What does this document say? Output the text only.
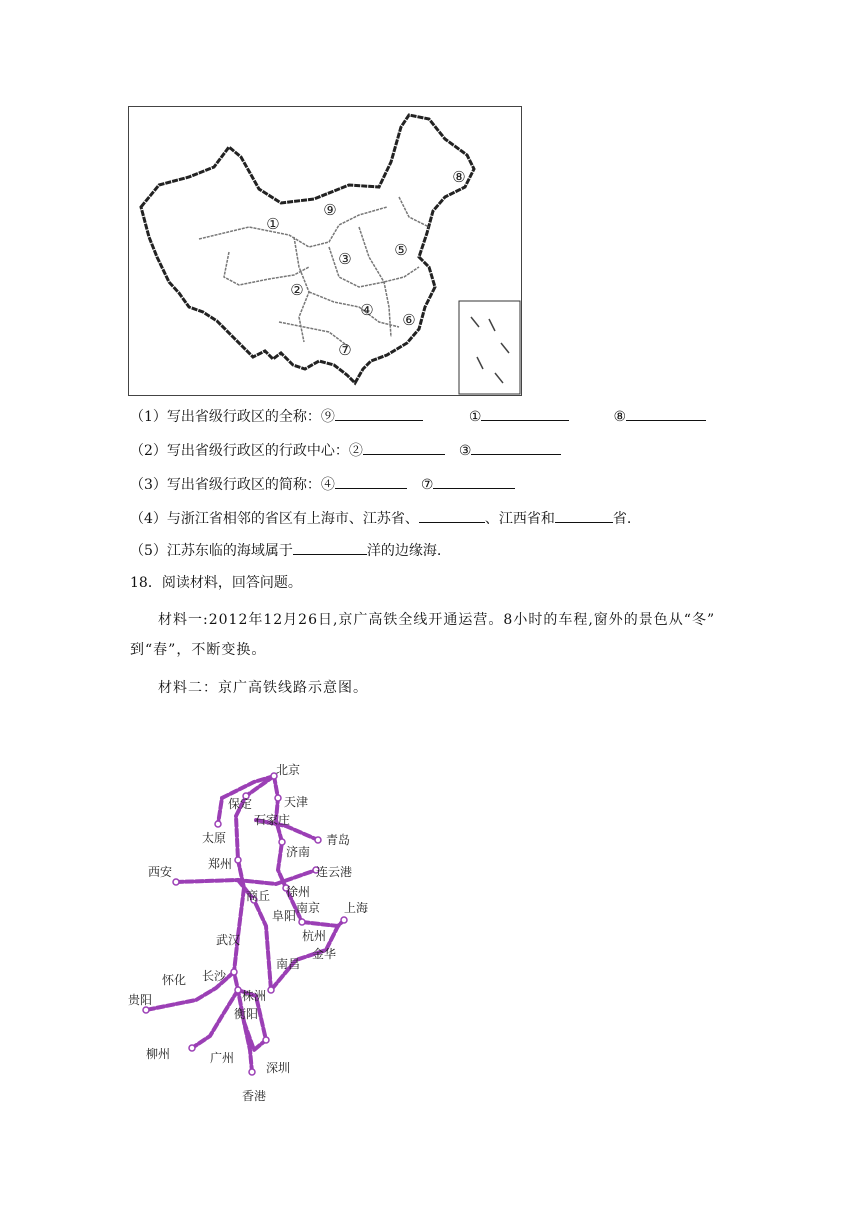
①
②
③
④
⑤
⑥
⑦
⑧
⑨
（1）写出省级行政区的全称：⑨	①	⑧
（2）写出省级行政区的行政中心：②	③
（3）写出省级行政区的简称：④	⑦
（4）与浙江省相邻的省区有上海市、江苏省、	、江西省和	省.
（5）江苏东临的海域属于	洋的边缘海.
18．阅读材料，回答问题。
材料一:2012年12月26日,京广高铁全线开通运营。8小时的车程,窗外的景色从“冬”
到“春”，不断变换。
材料二：京广高铁线路示意图。
北京
天津
保定
石家庄
太原	青岛
济南
郑州
西安	连云港
徐州
商丘
阜阳
南京 上海
武汉	杭州
金华
南昌
长沙
怀化
贵阳	株洲
衡阳
柳州	广州
深圳
香港
